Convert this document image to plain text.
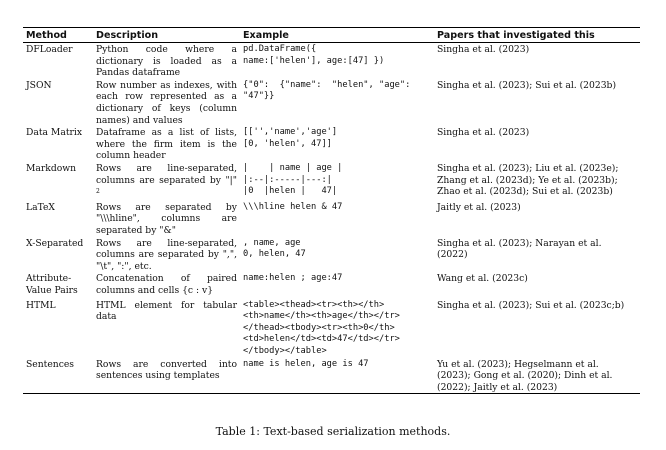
Method	Description	Example	Papers that investigated this
DFLoader	Python code where a dictionary is loaded as a Pandas dataframe	pd.DataFrame({
name:['helen'], age:[47] })	Singha et al. (2023)

JSON	Row number as indexes, with each row represented as a dictionary of keys (column names) and values	{"0":  {"name":  "helen", "age":
"47"}}	Singha et al. (2023); Sui et al. (2023b)

Data Matrix	Dataframe as a list of lists, where the firm item is the column header	[['','name','age']
[0, 'helen', 47]]	Singha et al. (2023)

Markdown	Rows are line-separated, columns are separated by "|" $^2$	|    | name | age |
|:--|:-----|---:|
|0  |helen |   47|	Singha et al. (2023); Liu et al. (2023e);
Zhang et al. (2023d); Ye et al. (2023b);
Zhao et al. (2023d); Sui et al. (2023b)

LaTeX	Rows are separated by "\\\hline", columns are separated by "&"	\\\hline helen & 47	Jaitly et al. (2023)

X-Separated	Rows are line-separated, columns are separated by ",", "\t", ":", etc.	, name, age
0, helen, 47	Singha et al. (2023); Narayan et al.
(2022)

Attribute-Value Pairs	Concatenation of paired columns and cells {c : v}	name:helen ; age:47	Wang et al. (2023c)

HTML	HTML element for tabular data	<table><thead><tr><th></th>
<th>name</th><th>age</th></tr>
</thead><tbody><tr><th>0</th>
<td>helen</td><td>47</td></tr>
</tbody></table>	Singha et al. (2023); Sui et al. (2023c;b)

Sentences	Rows are converted into sentences using templates	name is helen, age is 47	Yu et al. (2023); Hegselmann et al.
(2023); Gong et al. (2020); Dinh et al.
(2022); Jaitly et al. (2023)
Table 1: Text-based serialization methods.
